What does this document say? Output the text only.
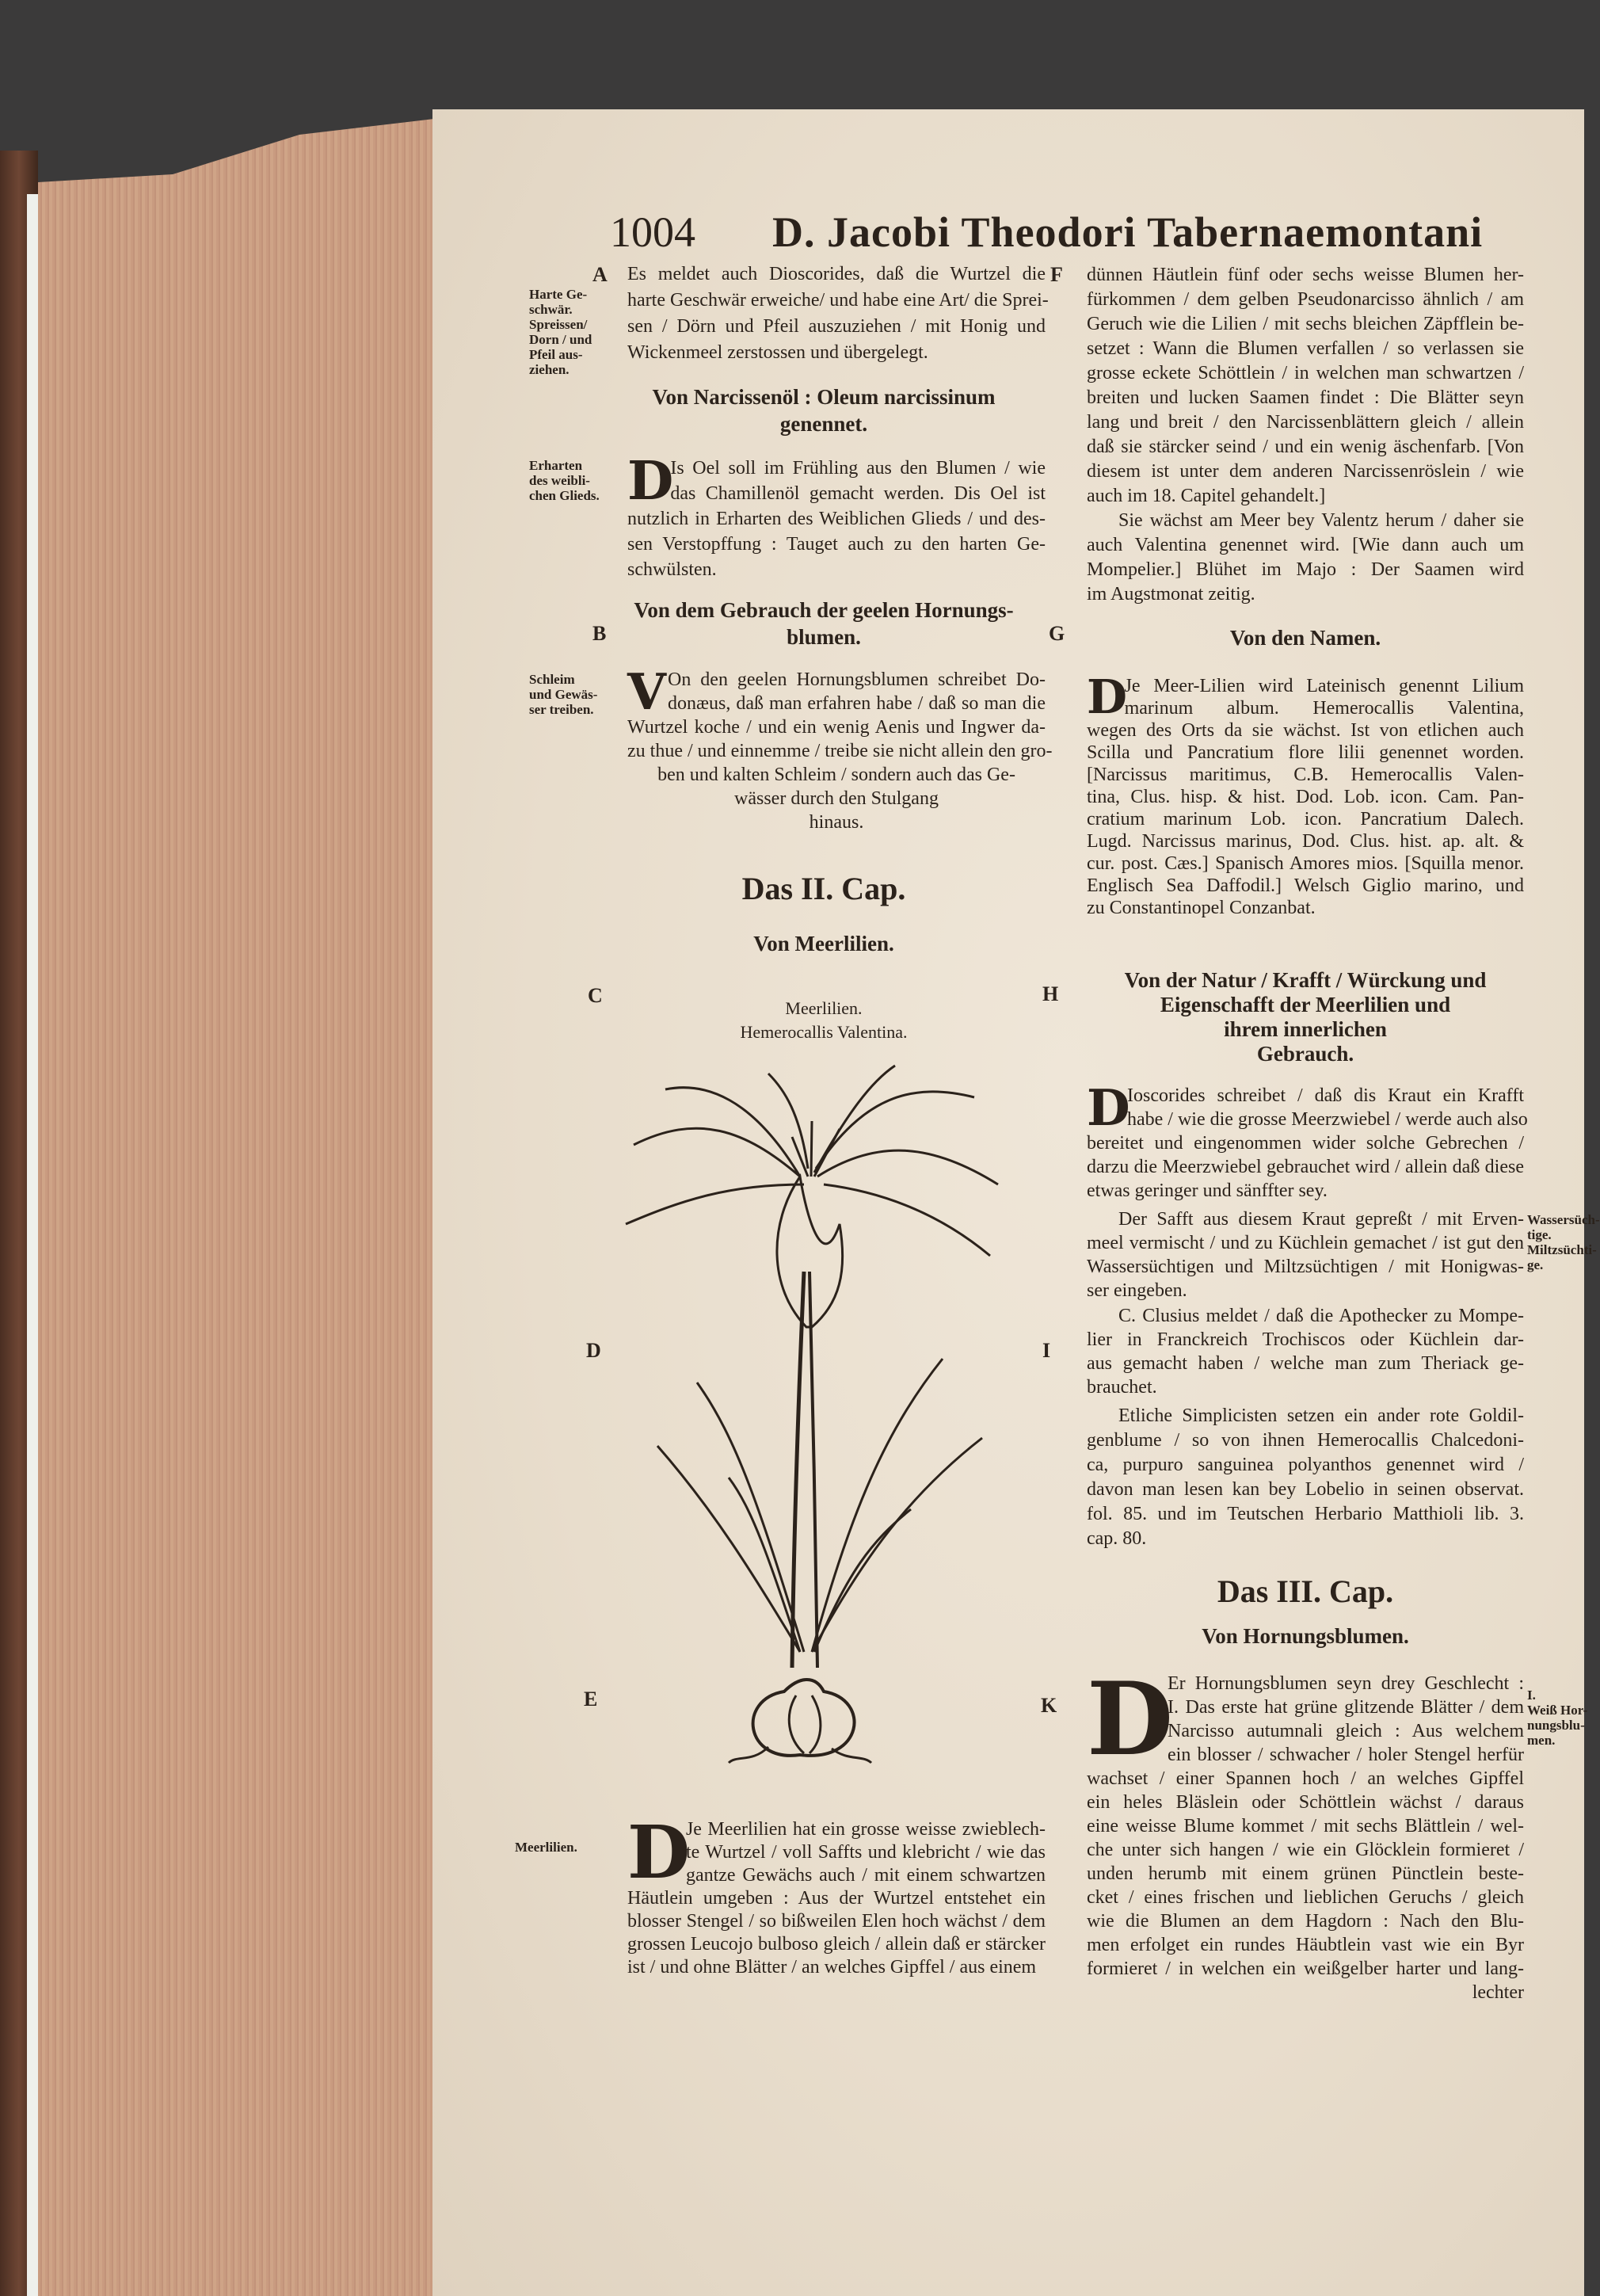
1004 D. Jacobi Theodori Tabernaemontani
A	F
B	G
C	H
D	I
E	K
Harte Ge-
schwär.
Spreissen/
Dorn / und
Pfeil aus-
ziehen.
Es meldet auch Dioscorides, daß die Wurtzel die
harte Geschwär erweiche/ und habe eine Art/ die Sprei-
sen / Dörn und Pfeil auszuziehen / mit Honig und
Wickenmeel zerstossen und übergelegt.
Von Narcissenöl : Oleum narcissinum
genennet.
Erharten
des weibli-
chen Glieds. D
Is Oel soll im Frühling aus den Blumen / wie
das Chamillenöl gemacht werden. Dis Oel ist
nutzlich in Erharten des Weiblichen Glieds / und des-
sen Verstopffung : Tauget auch zu den harten Ge-
schwülsten.
Von dem Gebrauch der geelen Hornungs-
blumen.
Schleim
und Gewäs-
ser treiben. V On den geelen Hornungsblumen schreibet Do-
donæus, daß man erfahren habe / daß so man die
Wurtzel koche / und ein wenig Aenis und Ingwer da-
zu thue / und einnemme / treibe sie nicht allein den gro-
ben und kalten Schleim / sondern auch das Ge-
wässer durch den Stulgang
hinaus.
Das II. Cap.
Von Meerlilien.
Meerlilien.
Hemerocallis Valentina.
Meerlilien. D
Je Meerlilien hat ein grosse weisse zwieblech-
te Wurtzel / voll Saffts und klebricht / wie das
gantze Gewächs auch / mit einem schwartzen
Häutlein umgeben : Aus der Wurtzel entstehet ein
blosser Stengel / so bißweilen Elen hoch wächst / dem
grossen Leucojo bulboso gleich / allein daß er stärcker
ist / und ohne Blätter / an welches Gipffel / aus einem
dünnen Häutlein fünf oder sechs weisse Blumen her-
fürkommen / dem gelben Pseudonarcisso ähnlich / am
Geruch wie die Lilien / mit sechs bleichen Zäpfflein be-
setzet : Wann die Blumen verfallen / so verlassen sie
grosse eckete Schöttlein / in welchen man schwartzen /
breiten und lucken Saamen findet : Die Blätter seyn
lang und breit / den Narcissenblättern gleich / allein
daß sie stärcker seind / und ein wenig äschenfarb. [Von
diesem ist unter dem anderen Narcissenröslein / wie
auch im 18. Capitel gehandelt.]
Sie wächst am Meer bey Valentz herum / daher sie
auch Valentina genennet wird. [Wie dann auch um
Mompelier.] Blühet im Majo : Der Saamen wird
im Augstmonat zeitig.
Von den Namen.
D
Je Meer-Lilien wird Lateinisch genennt Lilium
marinum album. Hemerocallis Valentina,
wegen des Orts da sie wächst. Ist von etlichen auch
Scilla und Pancratium flore lilii genennet worden.
[Narcissus maritimus, C.B. Hemerocallis Valen-
tina, Clus. hisp. & hist. Dod. Lob. icon. Cam. Pan-
cratium marinum Lob. icon. Pancratium Dalech.
Lugd. Narcissus marinus, Dod. Clus. hist. ap. alt. &
cur. post. Cæs.] Spanisch Amores mios. [Squilla menor.
Englisch Sea Daffodil.] Welsch Giglio marino, und
zu Constantinopel Conzanbat.
Von der Natur / Krafft / Würckung und
Eigenschafft der Meerlilien und
ihrem innerlichen
Gebrauch.
D
Ioscorides schreibet / daß dis Kraut ein Krafft
habe / wie die grosse Meerzwiebel / werde auch also
bereitet und eingenommen wider solche Gebrechen /
darzu die Meerzwiebel gebrauchet wird / allein daß diese
etwas geringer und sänffter sey.
Wassersüch-
tige.
Miltzsüchti-
ge.
Der Safft aus diesem Kraut gepreßt / mit Erven-
meel vermischt / und zu Küchlein gemachet / ist gut den
Wassersüchtigen und Miltzsüchtigen / mit Honigwas-
ser eingeben.
C. Clusius meldet / daß die Apothecker zu Mompe-
lier in Franckreich Trochiscos oder Küchlein dar-
aus gemacht haben / welche man zum Theriack ge-
brauchet.
Etliche Simplicisten setzen ein ander rote Goldil-
genblume / so von ihnen Hemerocallis Chalcedoni-
ca, purpuro sanguinea polyanthos genennet wird /
davon man lesen kan bey Lobelio in seinen observat.
fol. 85. und im Teutschen Herbario Matthioli lib. 3.
cap. 80.
Das III. Cap.
Von Hornungsblumen.
I.
Weiß Hor-
nungsblu-
men.
D
Er Hornungsblumen seyn drey Geschlecht :
I. Das erste hat grüne glitzende Blätter / dem
Narcisso autumnali gleich : Aus welchem
ein blosser / schwacher / holer Stengel herfür
wachset / einer Spannen hoch / an welches Gipffel
ein heles Bläslein oder Schöttlein wächst / daraus
eine weisse Blume kommet / mit sechs Blättlein / wel-
che unter sich hangen / wie ein Glöcklein formieret /
unden herumb mit einem grünen Pünctlein beste-
cket / eines frischen und lieblichen Geruchs / gleich
wie die Blumen an dem Hagdorn : Nach den Blu-
men erfolget ein rundes Häubtlein vast wie ein Byr
formieret / in welchen ein weißgelber harter und lang-
lechter
